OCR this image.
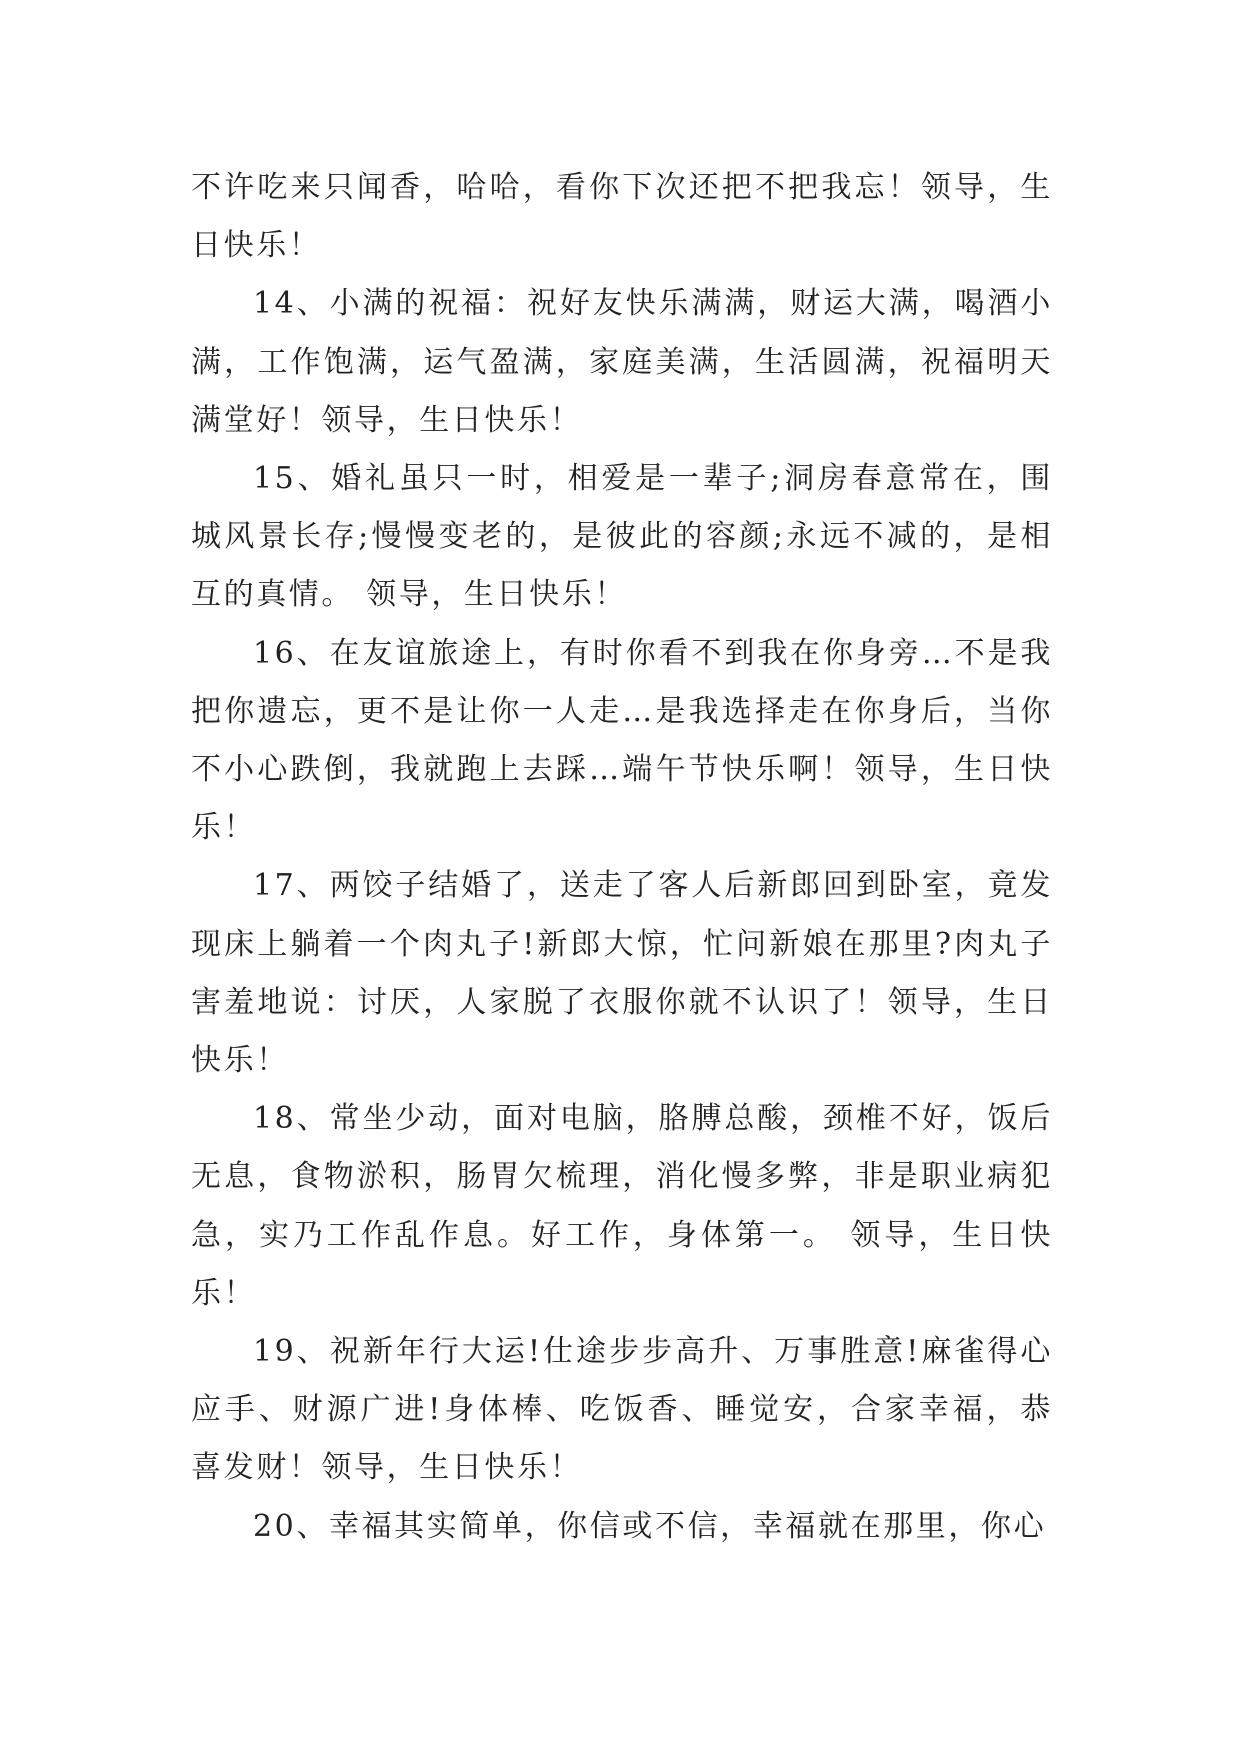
不许吃来只闻香，哈哈，看你下次还把不把我忘！领导，生日快乐！

14、小满的祝福：祝好友快乐满满，财运大满，喝酒小满，工作饱满，运气盈满，家庭美满，生活圆满，祝福明天满堂好！领导，生日快乐！

15、婚礼虽只一时，相爱是一辈子;洞房春意常在，围城风景长存;慢慢变老的，是彼此的容颜;永远不减的，是相互的真情。 领导，生日快乐！

16、在友谊旅途上，有时你看不到我在你身旁…不是我把你遗忘，更不是让你一人走…是我选择走在你身后，当你不小心跌倒，我就跑上去踩…端午节快乐啊！领导，生日快乐！

17、两饺子结婚了，送走了客人后新郎回到卧室，竟发现床上躺着一个肉丸子!新郎大惊，忙问新娘在那里?肉丸子害羞地说：讨厌，人家脱了衣服你就不认识了！领导，生日快乐！

18、常坐少动，面对电脑，胳膊总酸，颈椎不好，饭后无息，食物淤积，肠胃欠梳理，消化慢多弊，非是职业病犯急，实乃工作乱作息。好工作，身体第一。 领导，生日快乐！

19、祝新年行大运!仕途步步高升、万事胜意!麻雀得心应手、财源广进!身体棒、吃饭香、睡觉安，合家幸福，恭喜发财！领导，生日快乐！

20、幸福其实简单，你信或不信，幸福就在那里，你心
